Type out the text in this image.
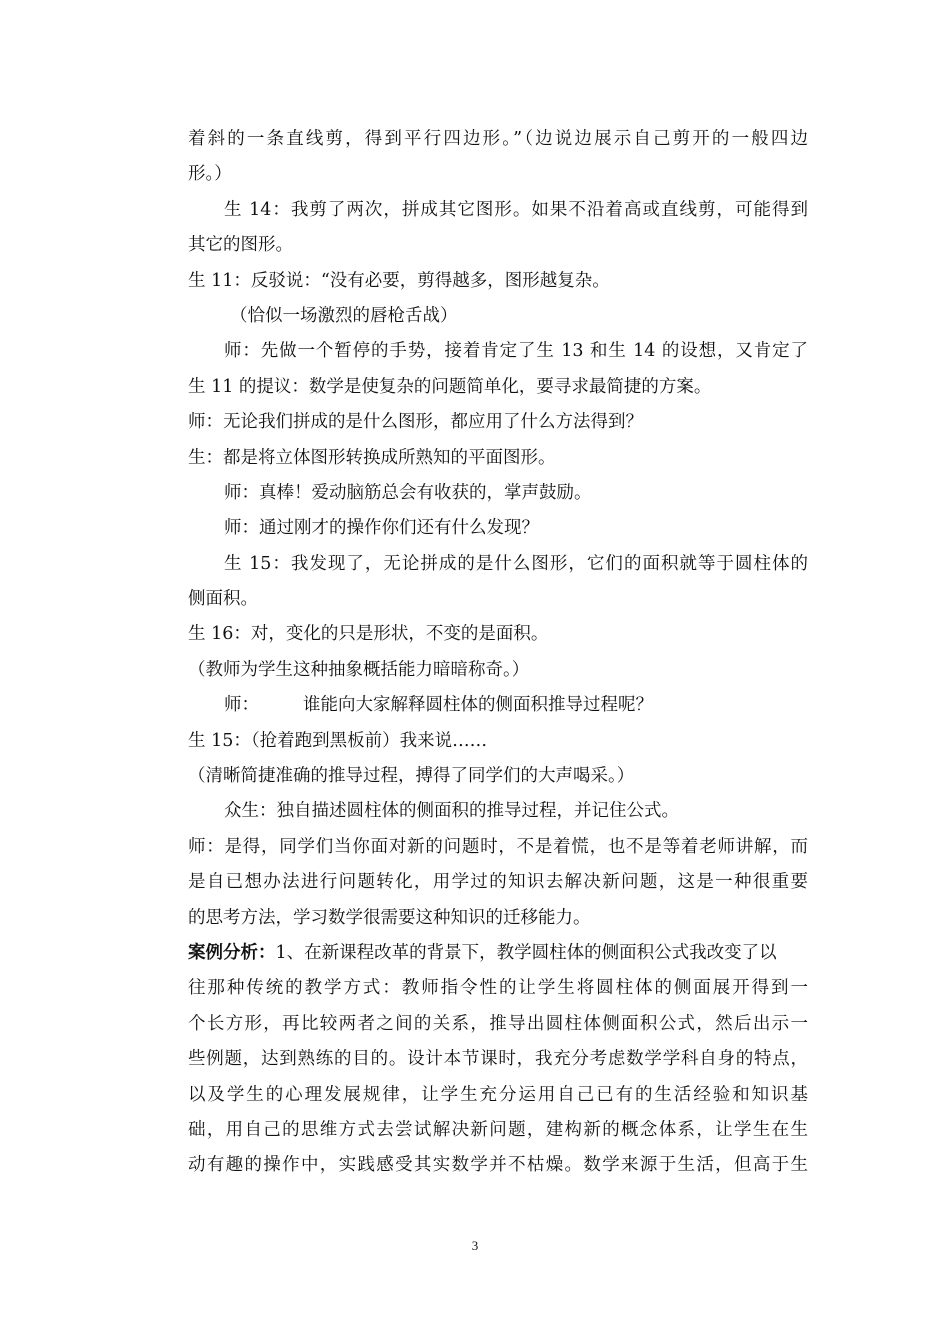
着斜的一条直线剪，得到平行四边形。”（边说边展示自己剪开的一般四边
形。）
生 14：我剪了两次，拼成其它图形。如果不沿着高或直线剪，可能得到
其它的图形。
生 11：反驳说：“没有必要，剪得越多，图形越复杂。
（恰似一场激烈的唇枪舌战）
师：先做一个暂停的手势，接着肯定了生 13 和生 14 的设想，又肯定了
生 11 的提议：数学是使复杂的问题简单化，要寻求最简捷的方案。
师：无论我们拼成的是什么图形，都应用了什么方法得到？
生：都是将立体图形转换成所熟知的平面图形。
师：真棒！爱动脑筋总会有收获的，掌声鼓励。
师：通过刚才的操作你们还有什么发现？
生 15：我发现了，无论拼成的是什么图形，它们的面积就等于圆柱体的
侧面积。
生 16：对，变化的只是形状，不变的是面积。
（教师为学生这种抽象概括能力暗暗称奇。）
师：	谁能向大家解释圆柱体的侧面积推导过程呢？
生 15：（抢着跑到黑板前）我来说……
（清晰简捷准确的推导过程，搏得了同学们的大声喝采。）
众生：独自描述圆柱体的侧面积的推导过程，并记住公式。
师：是得，同学们当你面对新的问题时，不是着慌，也不是等着老师讲解，而
是自已想办法进行问题转化，用学过的知识去解决新问题，这是一种很重要
的思考方法，学习数学很需要这种知识的迁移能力。
案例分析：1、在新课程改革的背景下，教学圆柱体的侧面积公式我改变了以
往那种传统的教学方式：教师指令性的让学生将圆柱体的侧面展开得到一
个长方形，再比较两者之间的关系，推导出圆柱体侧面积公式，然后出示一
些例题，达到熟练的目的。设计本节课时，我充分考虑数学学科自身的特点，
以及学生的心理发展规律，让学生充分运用自己已有的生活经验和知识基
础，用自己的思维方式去尝试解决新问题，建构新的概念体系，让学生在生
动有趣的操作中，实践感受其实数学并不枯燥。数学来源于生活，但高于生
3
